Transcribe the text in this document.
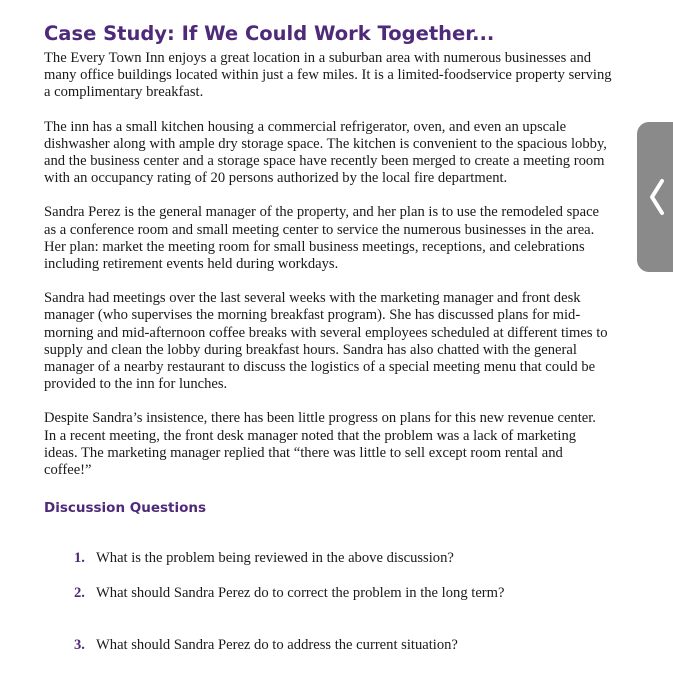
Case Study: If We Could Work Together...

The Every Town Inn enjoys a great location in a suburban area with numerous businesses and
many office buildings located within just a few miles. It is a limited-foodservice property serving
a complimentary breakfast.

The inn has a small kitchen housing a commercial refrigerator, oven, and even an upscale
dishwasher along with ample dry storage space. The kitchen is convenient to the spacious lobby,
and the business center and a storage space have recently been merged to create a meeting room
with an occupancy rating of 20 persons authorized by the local fire department.

Sandra Perez is the general manager of the property, and her plan is to use the remodeled space
as a conference room and small meeting center to service the numerous businesses in the area.
Her plan: market the meeting room for small business meetings, receptions, and celebrations
including retirement events held during workdays.

Sandra had meetings over the last several weeks with the marketing manager and front desk
manager (who supervises the morning breakfast program). She has discussed plans for mid-
morning and mid-afternoon coffee breaks with several employees scheduled at different times to
supply and clean the lobby during breakfast hours. Sandra has also chatted with the general
manager of a nearby restaurant to discuss the logistics of a special meeting menu that could be
provided to the inn for lunches.

Despite Sandra’s insistence, there has been little progress on plans for this new revenue center.
In a recent meeting, the front desk manager noted that the problem was a lack of marketing
ideas. The marketing manager replied that “there was little to sell except room rental and
coffee!”

Discussion Questions
1. What is the problem being reviewed in the above discussion?
2. What should Sandra Perez do to correct the problem in the long term?
3. What should Sandra Perez do to address the current situation?
